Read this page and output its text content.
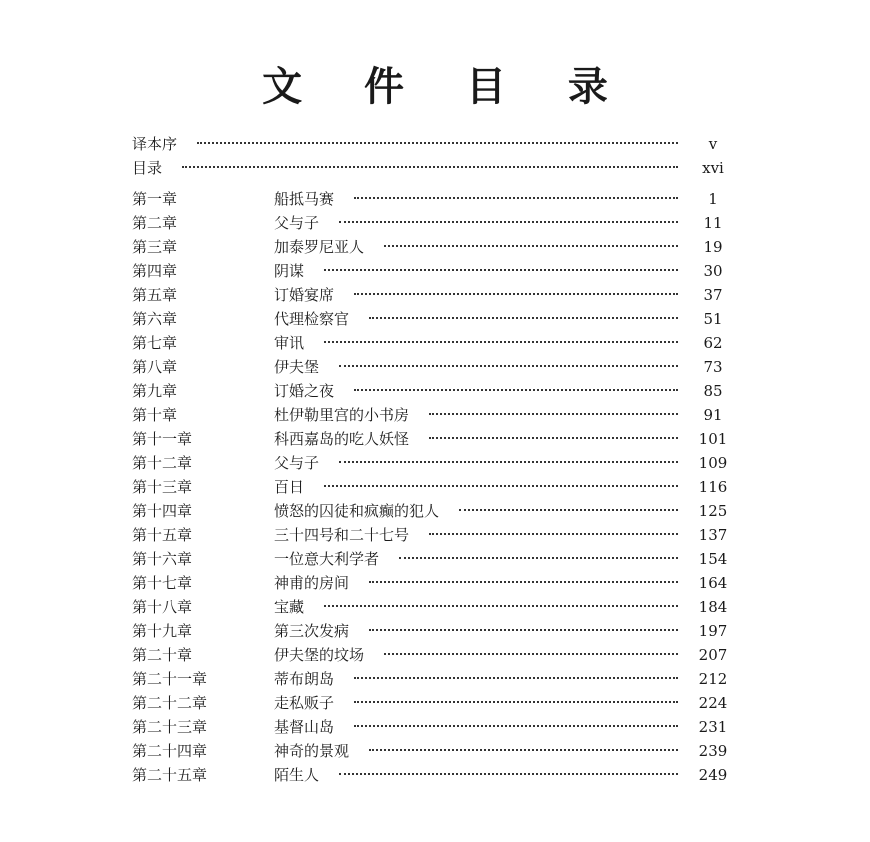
文 件 目 录
译本序	v
目录	xvi
第一章	船抵马赛	1
第二章	父与子	11
第三章	加泰罗尼亚人	19
第四章	阴谋	30
第五章	订婚宴席	37
第六章	代理检察官	51
第七章	审讯	62
第八章	伊夫堡	73
第九章	订婚之夜	85
第十章	杜伊勒里宫的小书房	91
第十一章	科西嘉岛的吃人妖怪	101
第十二章	父与子	109
第十三章	百日	116
第十四章	愤怒的囚徒和疯癫的犯人	125
第十五章	三十四号和二十七号	137
第十六章	一位意大利学者	154
第十七章	神甫的房间	164
第十八章	宝藏	184
第十九章	第三次发病	197
第二十章	伊夫堡的坟场	207
第二十一章	蒂布朗岛	212
第二十二章	走私贩子	224
第二十三章	基督山岛	231
第二十四章	神奇的景观	239
第二十五章	陌生人	249
